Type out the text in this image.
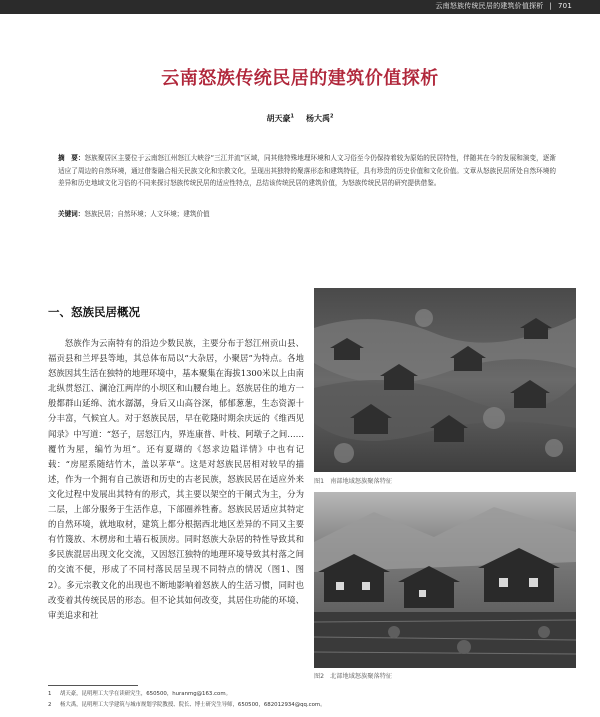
云南怒族传统民居的建筑价值探析 | 701
云南怒族传统民居的建筑价值探析
胡天豪$^1$ 杨大禹$^2$
摘　要：怒族聚居区主要位于云南怒江州怒江大峡谷“三江并流”区域，同其他特殊地理环境和人文习俗至今仍保持着较为原始的民居特性，伴随其在今的发展和演变，逐渐适应了周边的自然环境，通过借鉴融合相关民族文化和宗教文化，呈现出其独特的聚落形态和建筑特征，具有珍贵的历史价值和文化价值。文章从怒族民居所处自然环境的差异和历史地域文化习俗的不同来探讨怒族传统民居的适应性特点，总结该传统民居的建筑价值，为怒族传统民居的研究提供借鉴。
关键词：怒族民居；自然环境；人文环境；建筑价值
一、怒族民居概况

怒族作为云南特有的沿边少数民族，主要分布于怒江州贡山县、福贡县和兰坪县等地，其总体布局以“大杂居，小聚居”为特点。各地怒族因其生活在独特的地理环境中，基本聚集在海拔1300米以上由南北纵贯怒江、澜沧江两岸的小坝区和山腰台地上。怒族居住的地方一般都群山延绵、流水潺潺，身后又山高谷深，郁郁葱葱，生态资源十分丰富，气候宜人。对于怒族民居，早在乾隆时期余庆远的《维西见闻录》中写道：“怒子，居怒江内，界连康普、叶枝、阿墩子之间……覆竹为屋，编竹为垣”。还有夏瑚的《怒求边隘详情》中也有记载：“房屋系随结竹木，盖以茅草”。这是对怒族民居相对较早的描述，作为一个拥有自己族语和历史的古老民族，怒族民居在适应外来文化过程中发展出其特有的形式，其主要以架空的干阑式为主，分为二层，上部分服务于生活作息，下部圈养牲畜。怒族民居适应其特定的自然环境，就地取材，建筑上都分根据西北地区差异的不同又主要有竹篾放、木楞房和土墙石板顶房。同时怒族大杂居的特性导致其和多民族混居出现文化交流，又因怒江独特的地理环境导致其村落之间的交流不便，形成了不同村落民居呈现不同特点的情况（图1、图2）。多元宗教文化的出现也不断地影响着怒族人的生活习惯，同时也改变着其传统民居的形态。但不论其如何改变，其居住功能的环境、审美追求和社

图1 南部地域怒族聚落特征
图2 北部地域怒族聚落特征
1 胡天豪，昆明理工大学在读研究生，650500，huranmg@163.com。
2 杨大禹，昆明理工大学建筑与城市规划学院教授、院长、博士研究生导师，650500，682012934@qq.com。
